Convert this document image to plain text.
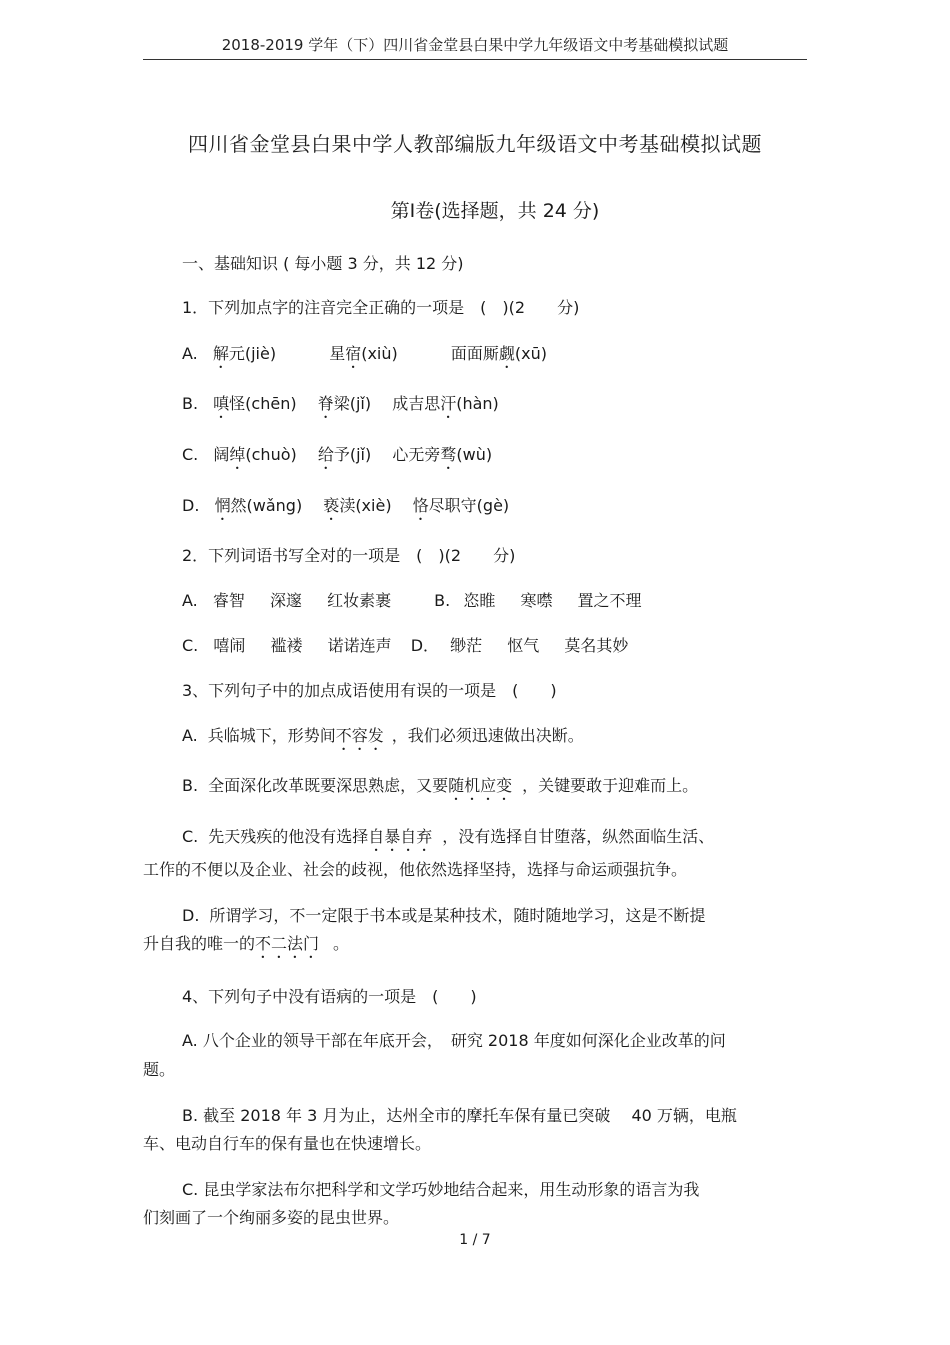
2018-2019 学年（下）四川省金堂县白果中学九年级语文中考基础模拟试题
四川省金堂县白果中学人教部编版九年级语文中考基础模拟试题
第Ⅰ卷(选择题，共 24 分)
一、基础知识 ( 每小题 3 分，共 12 分)
1．下列加点字的注音完全正确的一项是　(　)(2　　分)
A. 解元(jiè)	星宿(xiù)	面面厮觑(xū)
B. 嗔怪(chēn) 脊梁(jǐ) 成吉思汗(hàn)
C. 阔绰(chuò) 给予(jǐ) 心无旁骛(wù)
D. 惘然(wǎng) 亵渎(xiè) 恪尽职守(gè)
2．下列词语书写全对的一项是　(　)(2　　分)
A. 睿智 深邃 红妆素裹	B. 恣睢 寒噤 置之不理
C. 嘻闹 褴褛 诺诺连声 D． 缈茫 怄气 莫名其妙
3、下列句子中的加点成语使用有误的一项是　(　　)
A. 兵临城下，形势间不容发 ，我们必须迅速做出决断。
B. 全面深化改革既要深思熟虑，又要随机应变 ，关键要敢于迎难而上。
C. 先天残疾的他没有选择自暴自弃 ，没有选择自甘堕落，纵然面临生活、
工作的不便以及企业、社会的歧视，他依然选择坚持，选择与命运顽强抗争。
D. 所谓学习，不一定限于书本或是某种技术，随时随地学习，这是不断提
升自我的唯一的不二法门 。
4、下列句子中没有语病的一项是　(　　)
A. 八个企业的领导干部在年底开会，　研究 2018 年度如何深化企业改革的问
题。
B. 截至 2018 年 3 月为止，达州全市的摩托车保有量已突破　 40 万辆，电瓶
车、电动自行车的保有量也在快速增长。
C. 昆虫学家法布尔把科学和文学巧妙地结合起来，用生动形象的语言为我
们刻画了一个绚丽多姿的昆虫世界。
1 / 7
